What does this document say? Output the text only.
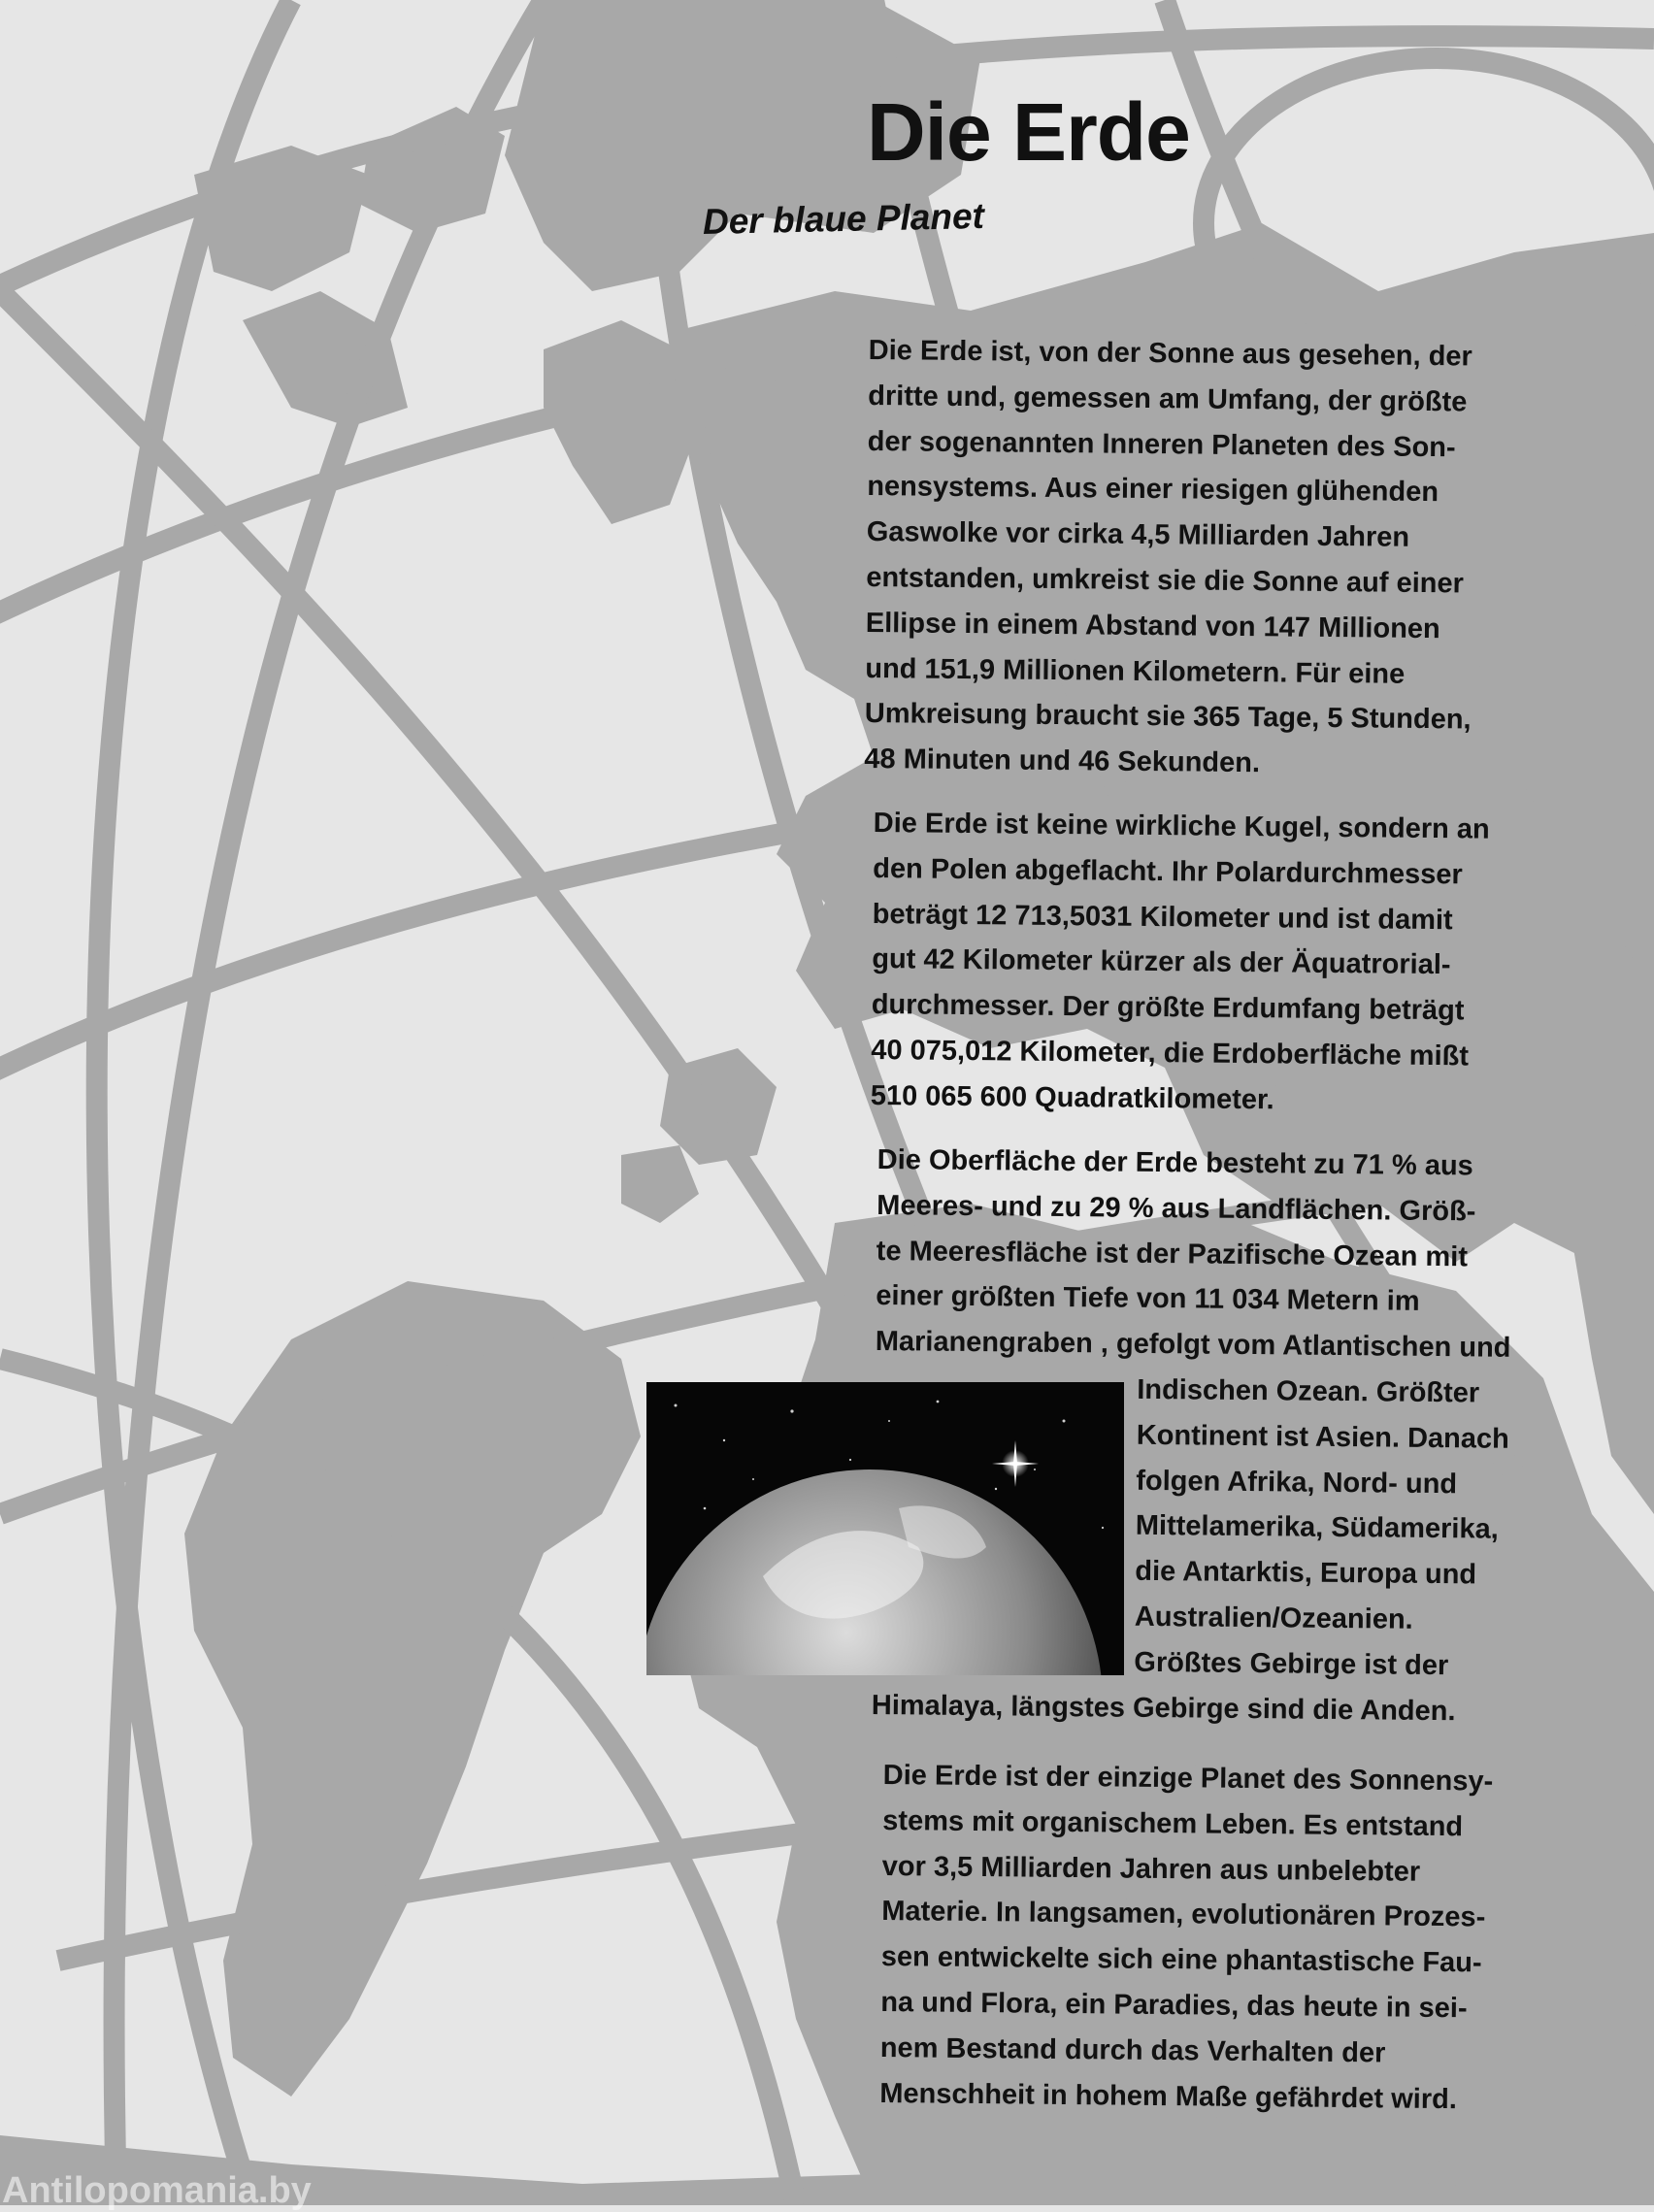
Die Erde
Der blaue Planet

Die Erde ist, von der Sonne aus gesehen, der
dritte und, gemessen am Umfang, der größte
der sogenannten Inneren Planeten des Son-
nensystems. Aus einer riesigen glühenden
Gaswolke vor cirka 4,5 Milliarden Jahren
entstanden, umkreist sie die Sonne auf einer
Ellipse in einem Abstand von 147 Millionen
und 151,9 Millionen Kilometern. Für eine
Umkreisung braucht sie 365 Tage, 5 Stunden,
48 Minuten und 46 Sekunden.

Die Erde ist keine wirkliche Kugel, sondern an
den Polen abgeflacht. Ihr Polardurchmesser
beträgt 12 713,5031 Kilometer und ist damit
gut 42 Kilometer kürzer als der Äquatrorial-
durchmesser. Der größte Erdumfang beträgt
40 075,012 Kilometer, die Erdoberfläche mißt
510 065 600 Quadratkilometer.

Die Oberfläche der Erde besteht zu 71 % aus
Meeres- und zu 29 % aus Landflächen. Größ-
te Meeresfläche ist der Pazifische Ozean mit
einer größten Tiefe von 11 034 Metern im
Marianengraben , gefolgt vom Atlantischen und
Indischen Ozean. Größter
Kontinent ist Asien. Danach
folgen Afrika, Nord- und
Mittelamerika, Südamerika,
die Antarktis, Europa und
Australien/Ozeanien.
Größtes Gebirge ist der
Himalaya, längstes Gebirge sind die Anden.

Die Erde ist der einzige Planet des Sonnensy-
stems mit organischem Leben. Es entstand
vor 3,5 Milliarden Jahren aus unbelebter
Materie. In langsamen, evolutionären Prozes-
sen entwickelte sich eine phantastische Fau-
na und Flora, ein Paradies, das heute in sei-
nem Bestand durch das Verhalten der
Menschheit in hohem Maße gefährdet wird.

Antilopomania.by
